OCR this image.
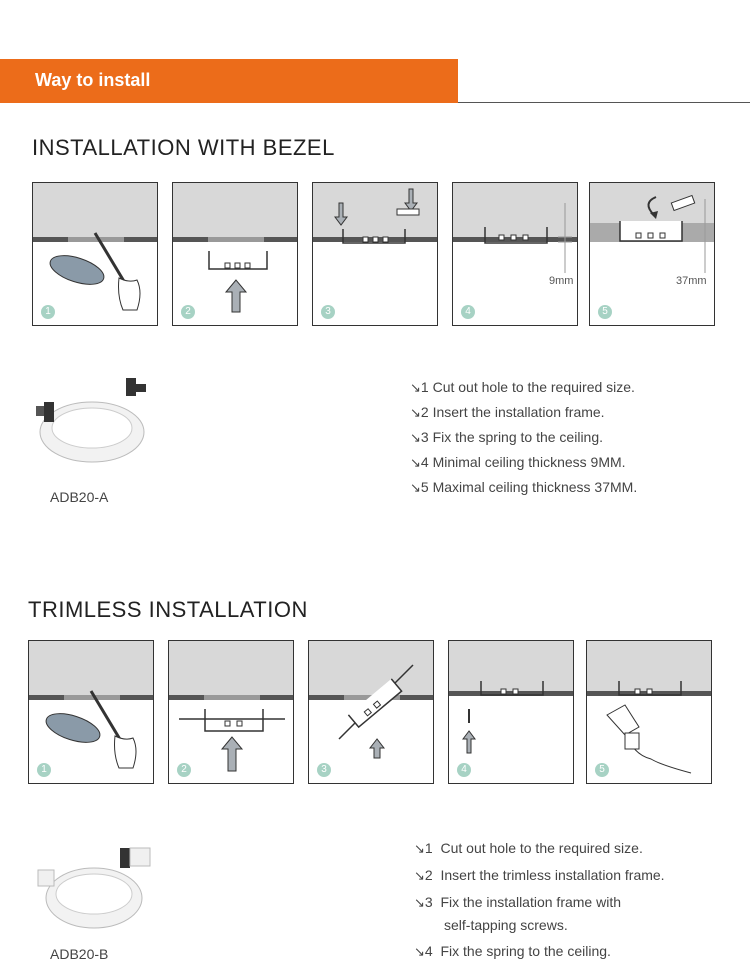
Way to install
INSTALLATION WITH BEZEL
1	2	3
9mm
4
37mm
5
ADB20-A
↘1 Cut out hole to the required size.
↘2 Insert the installation frame.
↘3 Fix the spring to the ceiling.
↘4 Minimal ceiling thickness 9MM.
↘5 Maximal ceiling thickness 37MM.
TRIMLESS INSTALLATION
1	2	3	4	5
ADB20-B
↘1 Cut out hole to the required size.
↘2 Insert the trimless installation frame.
↘3 Fix the installation frame with
self-tapping screws.
↘4 Fix the spring to the ceiling.
